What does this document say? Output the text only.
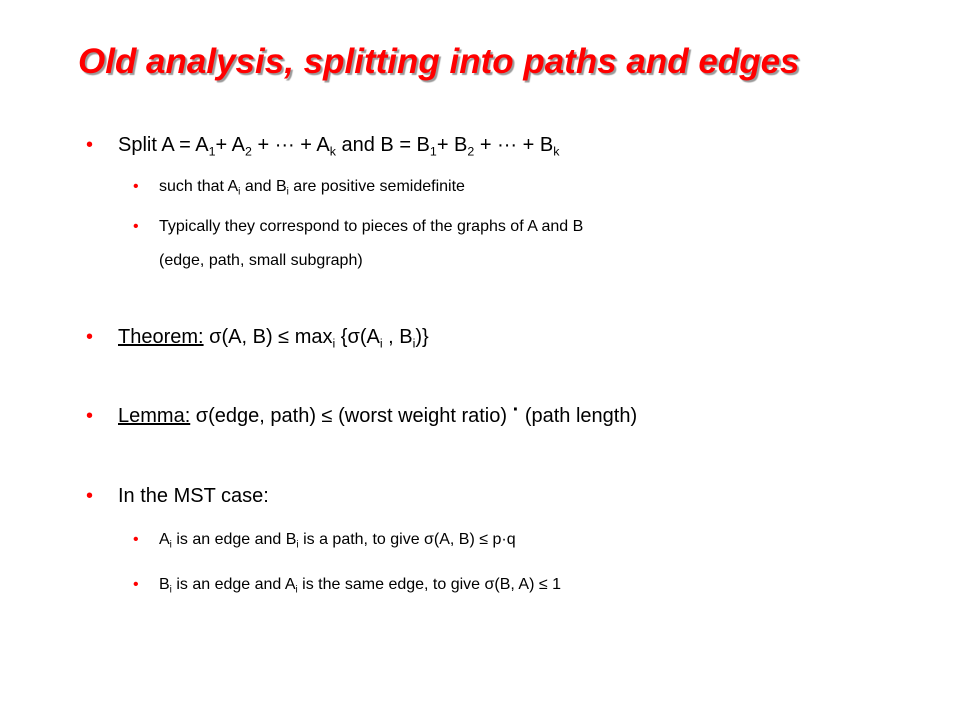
Old analysis, splitting into paths and edges
• Split $A = A_1+ A_2$ + ··· + $A_k$ and $B = B_1+ B_2$ + ··· + $B_k$
• such that $A_i$ and $B_i$ are positive semidefinite
• Typically they correspond to pieces of the graphs of A and B
(edge, path, small subgraph)
• Theorem: σ(A, $B) \le \max_i \{\sigma(A_i$ , $B_i$)}
• Lemma: σ(edge, path) ≤ (worst weight ratio) · (path length)
• In the MST case:
• $A_i$ is an edge and $B_i$ is a path, to give σ(A, B) ≤ p·q
• $B_i$ is an edge and $A_i$ is the same edge, to give σ(B, A) ≤ 1
